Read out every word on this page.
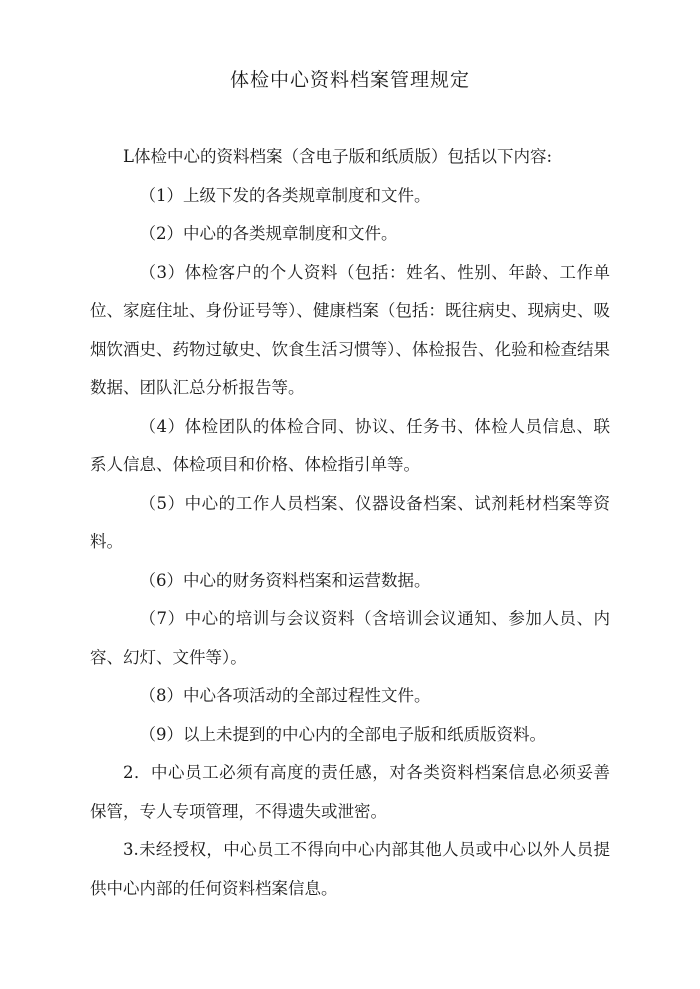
体检中心资料档案管理规定

L体检中心的资料档案（含电子版和纸质版）包括以下内容:

（1）上级下发的各类规章制度和文件。

（2）中心的各类规章制度和文件。

（3）体检客户的个人资料（包括：姓名、性别、年龄、工作单位、家庭住址、身份证号等）、健康档案（包括：既往病史、现病史、吸烟饮酒史、药物过敏史、饮食生活习惯等）、体检报告、化验和检查结果数据、团队汇总分析报告等。

（4）体检团队的体检合同、协议、任务书、体检人员信息、联系人信息、体检项目和价格、体检指引单等。

（5）中心的工作人员档案、仪器设备档案、试剂耗材档案等资料。

（6）中心的财务资料档案和运营数据。

（7）中心的培训与会议资料（含培训会议通知、参加人员、内容、幻灯、文件等）。

（8）中心各项活动的全部过程性文件。

（9）以上未提到的中心内的全部电子版和纸质版资料。

2．中心员工必须有高度的责任感，对各类资料档案信息必须妥善保管，专人专项管理，不得遗失或泄密。

3.未经授权，中心员工不得向中心内部其他人员或中心以外人员提供中心内部的任何资料档案信息。
